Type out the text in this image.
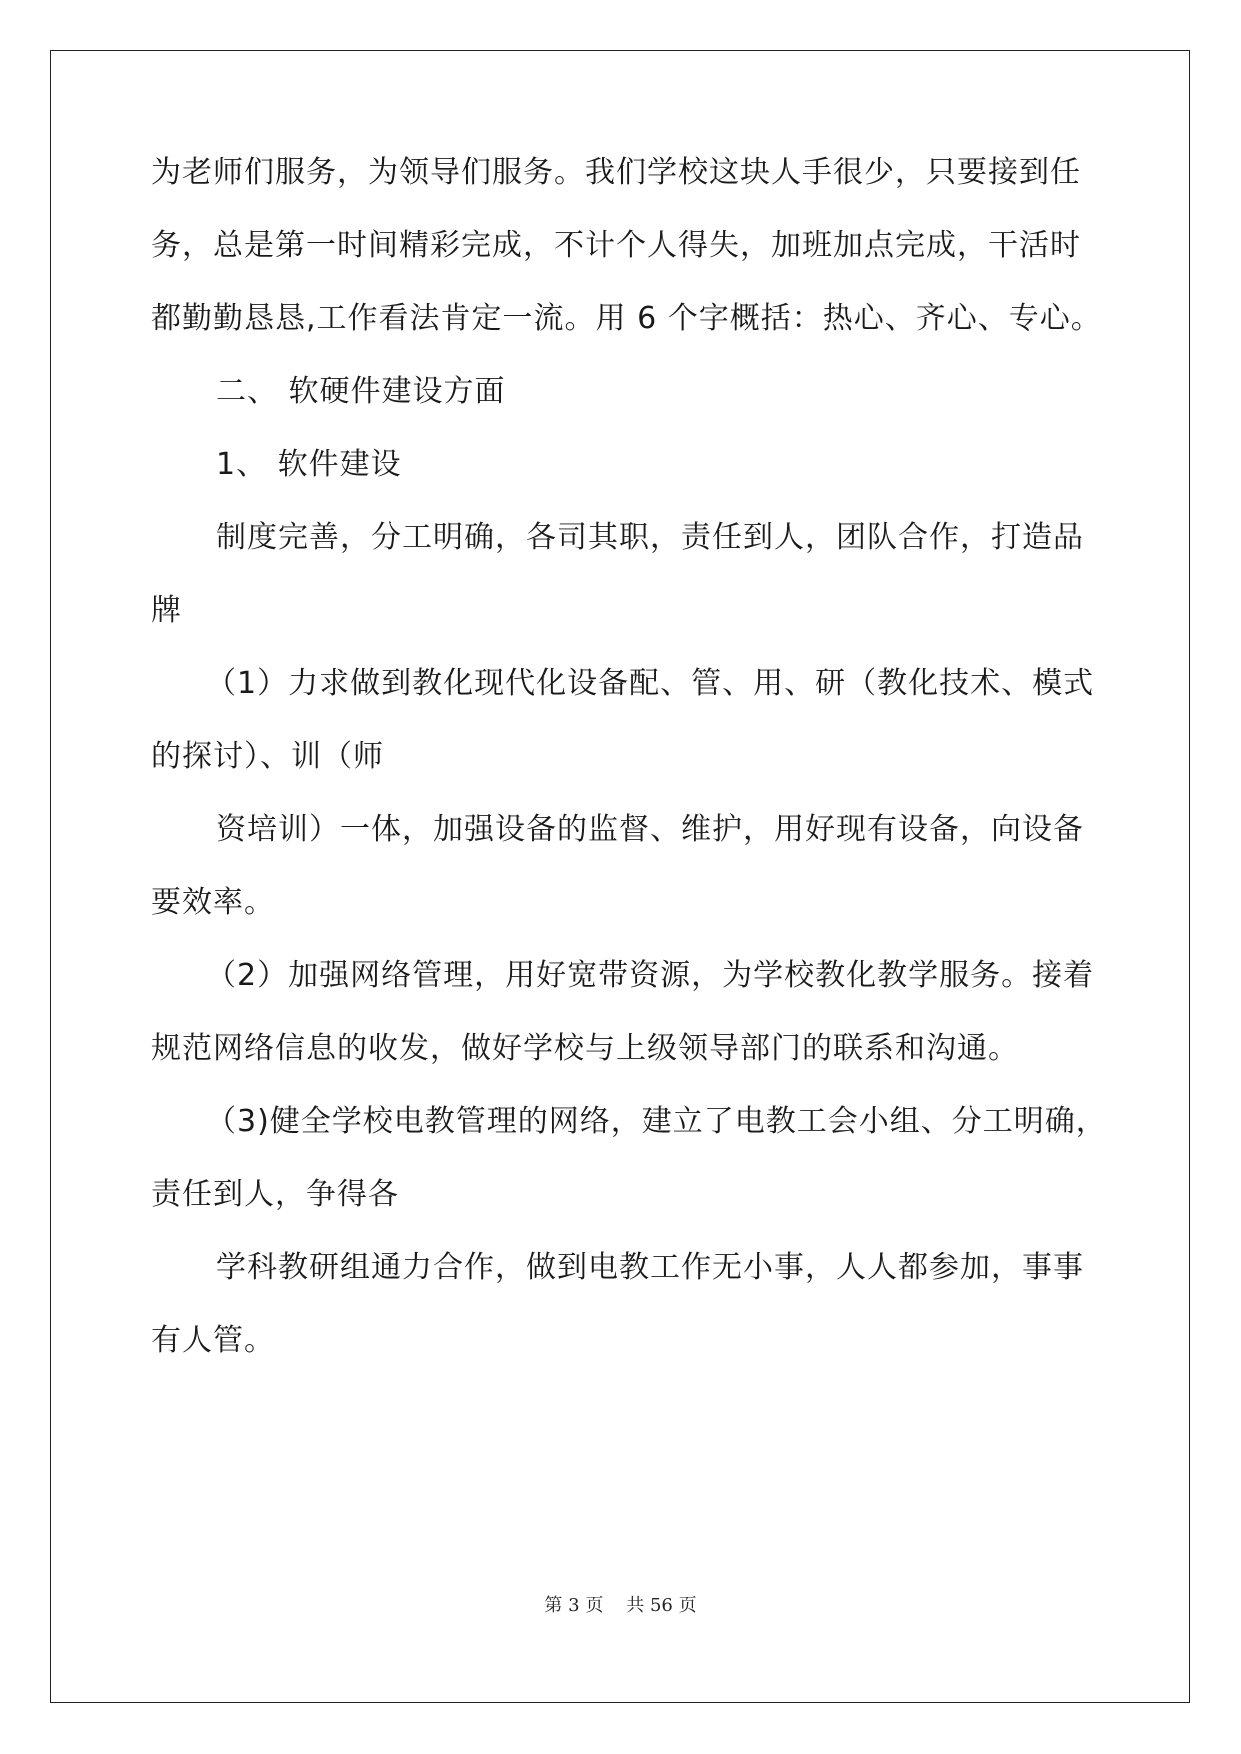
为老师们服务，为领导们服务。我们学校这块人手很少，只要接到任

务，总是第一时间精彩完成，不计个人得失，加班加点完成，干活时

都勤勤恳恳,工作看法肯定一流。用 6 个字概括：热心、齐心、专心。

二、 软硬件建设方面

1、 软件建设

制度完善，分工明确，各司其职，责任到人，团队合作，打造品

牌

（1）力求做到教化现代化设备配、管、用、研（教化技术、模式

的探讨）、训（师

资培训）一体，加强设备的监督、维护，用好现有设备，向设备

要效率。

（2）加强网络管理，用好宽带资源，为学校教化教学服务。接着

规范网络信息的收发，做好学校与上级领导部门的联系和沟通。

（3)健全学校电教管理的网络，建立了电教工会小组、分工明确，

责任到人，争得各

学科教研组通力合作，做到电教工作无小事，人人都参加，事事

有人管。

第 3 页 共 56 页
